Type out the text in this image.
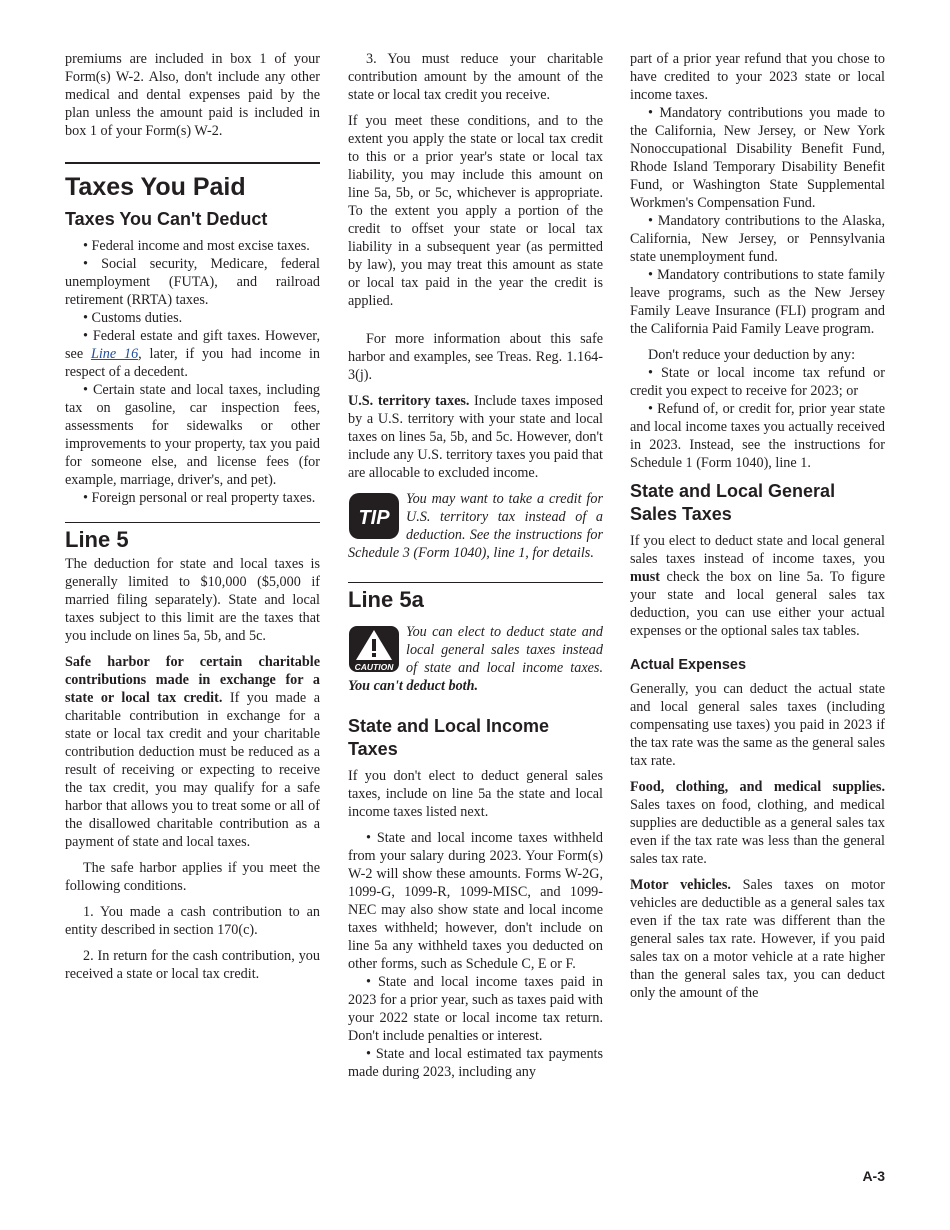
premiums are included in box 1 of your Form(s) W-2. Also, don't include any other medical and dental expenses paid by the plan unless the amount paid is included in box 1 of your Form(s) W-2.

Taxes You Paid
Taxes You Can't Deduct

• Federal income and most excise taxes.

• Social security, Medicare, federal unemployment (FUTA), and railroad retirement (RRTA) taxes.

• Customs duties.

• Federal estate and gift taxes. However, see Line 16, later, if you had income in respect of a decedent.

• Certain state and local taxes, including tax on gasoline, car inspection fees, assessments for sidewalks or other improvements to your property, tax you paid for someone else, and license fees (for example, marriage, driver's, and pet).

• Foreign personal or real property taxes.

Line 5

The deduction for state and local taxes is generally limited to $10,000 ($5,000 if married filing separately). State and local taxes subject to this limit are the taxes that you include on lines 5a, 5b, and 5c.

Safe harbor for certain charitable contributions made in exchange for a state or local tax credit. If you made a charitable contribution in exchange for a state or local tax credit and your charitable contribution deduction must be reduced as a result of receiving or expecting to receive the tax credit, you may qualify for a safe harbor that allows you to treat some or all of the disallowed charitable contribution as a payment of state and local taxes.

The safe harbor applies if you meet the following conditions.

1. You made a cash contribution to an entity described in section 170(c).

2. In return for the cash contribution, you received a state or local tax credit.

3. You must reduce your charitable contribution amount by the amount of the state or local tax credit you receive.

If you meet these conditions, and to the extent you apply the state or local tax credit to this or a prior year's state or local tax liability, you may include this amount on line 5a, 5b, or 5c, whichever is appropriate. To the extent you apply a portion of the credit to offset your state or local tax liability in a subsequent year (as permitted by law), you may treat this amount as state or local tax paid in the year the credit is applied.

For more information about this safe harbor and examples, see Treas. Reg. 1.164-3(j).

U.S. territory taxes. Include taxes imposed by a U.S. territory with your state and local taxes on lines 5a, 5b, and 5c. However, don't include any U.S. territory taxes you paid that are allocable to excluded income.

TIP
You may want to take a credit for U.S. territory tax instead of a deduction. See the instructions for Schedule 3 (Form 1040), line 1, for details.
Line 5a
CAUTION
You can elect to deduct state and local general sales taxes instead of state and local income taxes. You can't deduct both.
State and Local Income Taxes

If you don't elect to deduct general sales taxes, include on line 5a the state and local income taxes listed next.

• State and local income taxes withheld from your salary during 2023. Your Form(s) W-2 will show these amounts. Forms W-2G, 1099-G, 1099-R, 1099-MISC, and 1099-NEC may also show state and local income taxes withheld; however, don't include on line 5a any withheld taxes you deducted on other forms, such as Schedule C, E or F.

• State and local income taxes paid in 2023 for a prior year, such as taxes paid with your 2022 state or local income tax return. Don't include penalties or interest.

• State and local estimated tax payments made during 2023, including any

part of a prior year refund that you chose to have credited to your 2023 state or local income taxes.

• Mandatory contributions you made to the California, New Jersey, or New York Nonoccupational Disability Benefit Fund, Rhode Island Temporary Disability Benefit Fund, or Washington State Supplemental Workmen's Compensation Fund.

• Mandatory contributions to the Alaska, California, New Jersey, or Pennsylvania state unemployment fund.

• Mandatory contributions to state family leave programs, such as the New Jersey Family Leave Insurance (FLI) program and the California Paid Family Leave program.

Don't reduce your deduction by any:

• State or local income tax refund or credit you expect to receive for 2023; or

• Refund of, or credit for, prior year state and local income taxes you actually received in 2023. Instead, see the instructions for Schedule 1 (Form 1040), line 1.

State and Local General Sales Taxes

If you elect to deduct state and local general sales taxes instead of income taxes, you must check the box on line 5a. To figure your state and local general sales tax deduction, you can use either your actual expenses or the optional sales tax tables.

Actual Expenses

Generally, you can deduct the actual state and local general sales taxes (including compensating use taxes) you paid in 2023 if the tax rate was the same as the general sales tax rate.

Food, clothing, and medical supplies. Sales taxes on food, clothing, and medical supplies are deductible as a general sales tax even if the tax rate was less than the general sales tax rate.

Motor vehicles. Sales taxes on motor vehicles are deductible as a general sales tax even if the tax rate was different than the general sales tax rate. However, if you paid sales tax on a motor vehicle at a rate higher than the general sales tax, you can deduct only the amount of the

A-3
